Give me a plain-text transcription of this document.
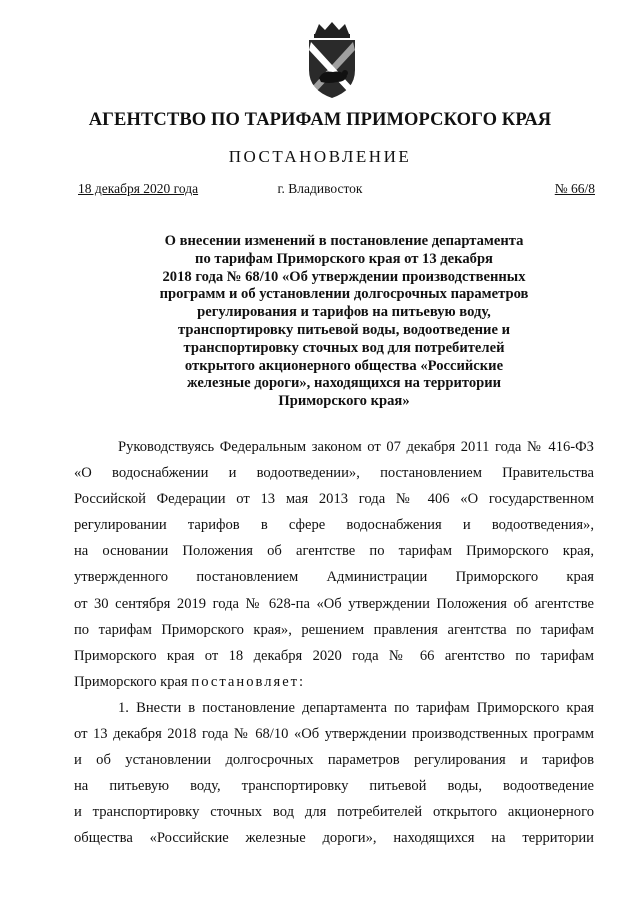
АГЕНТСТВО ПО ТАРИФАМ ПРИМОРСКОГО КРАЯ
ПОСТАНОВЛЕНИЕ
18 декабря 2020 года	г. Владивосток	№ 66/8
О внесении изменений в постановление департамента
по тарифам Приморского края от 13 декабря
2018 года № 68/10 «Об утверждении производственных
программ и об установлении долгосрочных параметров
регулирования и тарифов на питьевую воду,
транспортировку питьевой воды, водоотведение и
транспортировку сточных вод для потребителей
открытого акционерного общества «Российские
железные дороги», находящихся на территории
Приморского края»
Руководствуясь Федеральным законом от 07 декабря 2011 года № 416-ФЗ
«О водоснабжении и водоотведении», постановлением Правительства
Российской Федерации от 13 мая 2013 года № 406 «О государственном
регулировании тарифов в сфере водоснабжения и водоотведения»,
на основании Положения об агентстве по тарифам Приморского края,
утвержденного постановлением Администрации Приморского края
от 30 сентября 2019 года № 628-па «Об утверждении Положения об агентстве
по тарифам Приморского края», решением правления агентства по тарифам
Приморского края от 18 декабря 2020 года № 66 агентство по тарифам
Приморского края постановляет:
1. Внести в постановление департамента по тарифам Приморского края
от 13 декабря 2018 года № 68/10 «Об утверждении производственных программ
и об установлении долгосрочных параметров регулирования и тарифов
на питьевую воду, транспортировку питьевой воды, водоотведение
и транспортировку сточных вод для потребителей открытого акционерного
общества «Российские железные дороги», находящихся на территории
